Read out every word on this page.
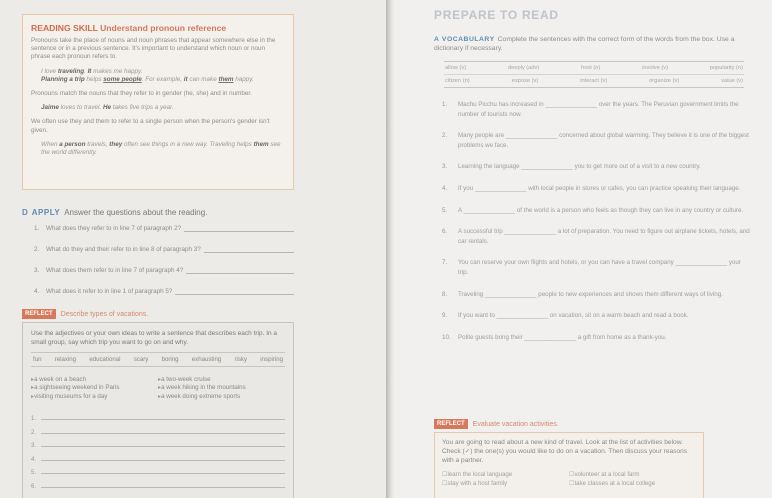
READING SKILL Understand pronoun reference
Pronouns take the place of nouns and noun phrases that appear somewhere else in the sentence or in a previous sentence. It's important to understand which noun or noun phrase each pronoun refers to.
I love traveling. It makes me happy.
Planning a trip helps some people. For example, it can make them happy.
Pronouns match the nouns that they refer to in gender (he, she) and in number.
Jaime loves to travel. He takes five trips a year.
We often use they and them to refer to a single person when the person's gender isn't given.
When a person travels, they often see things in a new way. Traveling helps them see the world differently.
D APPLY Answer the questions about the reading.
1.	What does they refer to in line 7 of paragraph 2?
2.	What do they and their refer to in line 8 of paragraph 3?
3.	What does them refer to in line 7 of paragraph 4?
4.	What does it refer to in line 1 of paragraph 5?
REFLECT	Describe types of vacations.
Use the adjectives or your own ideas to write a sentence that describes each trip. In a small group, say which trip you want to go on and why.
fun relaxing educational scary boring exhausting risky inspiring
▸ a week on a beach
▸ a sightseeing weekend in Paris
▸ visiting museums for a day
▸ a two-week cruise
▸ a week hiking in the mountains
▸ a week doing extreme sports
1.
2.
3.
4.
5.
6.
PREPARE TO READ
A VOCABULARY Complete the sentences with the correct form of the words from the box. Use a dictionary if necessary.
allow (v)	deeply (adv)	host (n)	involve (v)	popularity (n)
citizen (n)	expose (v)	interact (v)	organize (v)	value (v)
1.	Machu Picchu has increased in _______________ over the years. The Peruvian government limits the number of tourists now.
2.	Many people are _______________ concerned about global warming. They believe it is one of the biggest problems we face.
3.	Learning the language _______________ you to get more out of a visit to a new country.
4.	If you _______________ with local people in stores or cafes, you can practice speaking their language.
5.	A _______________ of the world is a person who feels as though they can live in any country or culture.
6.	A successful trip _______________ a lot of preparation. You need to figure out airplane tickets, hotels, and car rentals.
7.	You can reserve your own flights and hotels, or you can have a travel company _______________ your trip.
8.	Traveling _______________ people to new experiences and shows them different ways of living.
9.	If you want to _______________ on vacation, sit on a warm beach and read a book.
10.	Polite guests bring their _______________ a gift from home as a thank-you.
REFLECT	Evaluate vacation activities.
You are going to read about a new kind of travel. Look at the list of activities below. Check (✓) the one(s) you would like to do on a vacation. Then discuss your reasons with a partner.
☐ learn the local language
☐ stay with a host family
☐ volunteer at a local farm
☐ take classes at a local college
